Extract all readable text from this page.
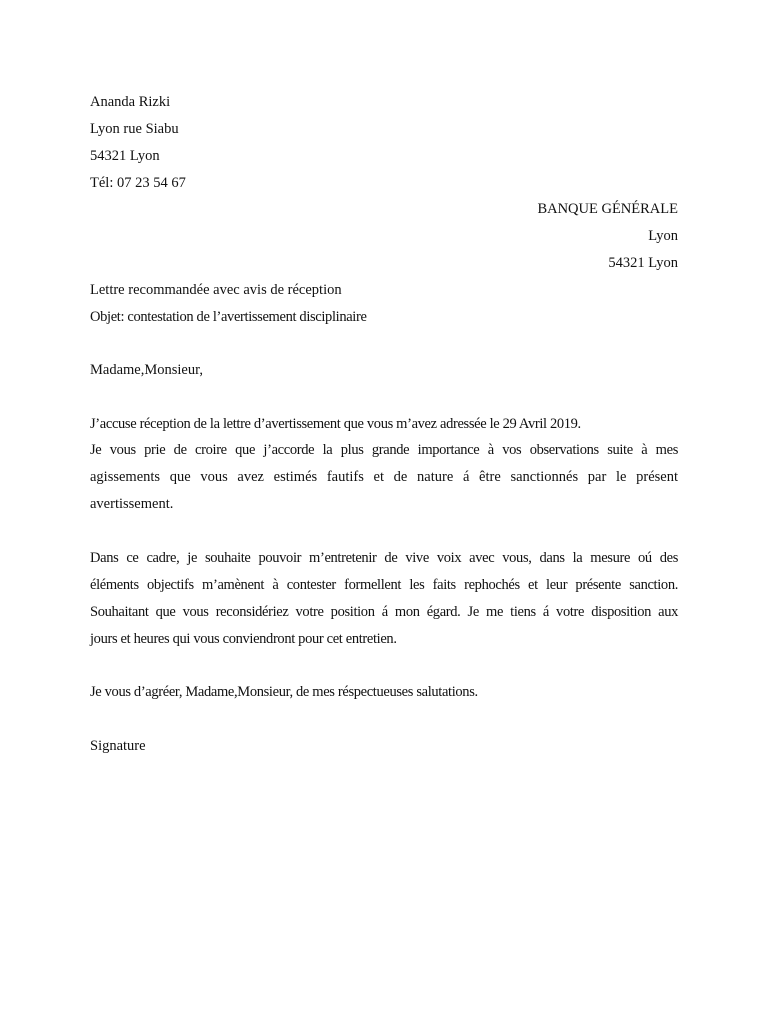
Ananda Rizki
Lyon rue Siabu
54321 Lyon
Tél: 07 23 54 67
BANQUE GÉNÉRALE
Lyon
54321 Lyon
Lettre recommandée avec avis de réception
Objet: contestation de l’avertissement disciplinaire
Madame,Monsieur,
J’accuse réception de la lettre d’avertissement que vous m’avez adressée le 29 Avril 2019.
Je vous prie de croire que j’accorde la plus grande importance à vos observations suite à mes
agissements que vous avez estimés fautifs et de nature á être sanctionnés par le présent
avertissement.
Dans ce cadre, je souhaite pouvoir m’entretenir de vive voix avec vous, dans la mesure oú des
éléments objectifs m’amènent à contester formellent les faits rephochés et leur présente sanction.
Souhaitant que vous reconsidériez votre position á mon égard. Je me tiens á votre disposition aux
jours et heures qui vous conviendront pour cet entretien.
Je vous d’agréer, Madame,Monsieur, de mes réspectueuses salutations.
Signature
